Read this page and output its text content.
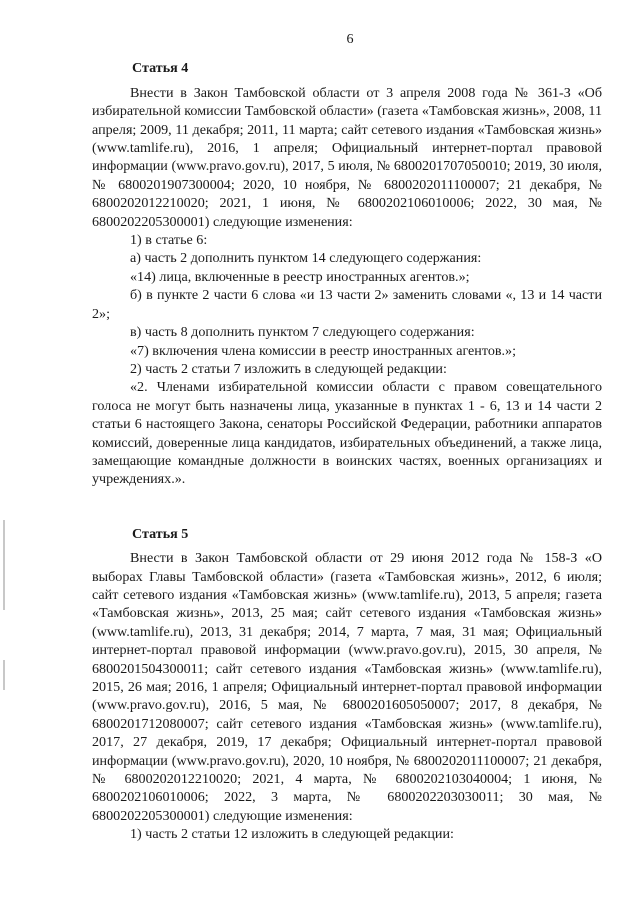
6
Статья 4

Внести в Закон Тамбовской области от 3 апреля 2008 года № 361-З «Об избирательной комиссии Тамбовской области» (газета «Тамбовская жизнь», 2008, 11 апреля; 2009, 11 декабря; 2011, 11 марта; сайт сетевого издания «Тамбовская жизнь» (www.tamlife.ru), 2016, 1 апреля; Официальный интернет-портал правовой информации (www.pravo.gov.ru), 2017, 5 июля, № 6800201707050010; 2019, 30 июля, № 6800201907300004; 2020, 10 ноября, № 6800202011100007; 21 декабря, № 6800202012210020; 2021, 1 июня, № 6800202106010006; 2022, 30 мая, № 6800202205300001) следующие изменения:

1) в статье 6:

а) часть 2 дополнить пунктом 14 следующего содержания:

«14) лица, включенные в реестр иностранных агентов.»;

б) в пункте 2 части 6 слова «и 13 части 2» заменить словами «, 13 и 14 части 2»;

в) часть 8 дополнить пунктом 7 следующего содержания:

«7) включения члена комиссии в реестр иностранных агентов.»;

2) часть 2 статьи 7 изложить в следующей редакции:

«2. Членами избирательной комиссии области с правом совещательного голоса не могут быть назначены лица, указанные в пунктах 1 - 6, 13 и 14 части 2 статьи 6 настоящего Закона, сенаторы Российской Федерации, работники аппаратов комиссий, доверенные лица кандидатов, избирательных объединений, а также лица, замещающие командные должности в воинских частях, военных организациях и учреждениях.».

Статья 5

Внести в Закон Тамбовской области от 29 июня 2012 года № 158-З «О выборах Главы Тамбовской области» (газета «Тамбовская жизнь», 2012, 6 июля; сайт сетевого издания «Тамбовская жизнь» (www.tamlife.ru), 2013, 5 апреля; газета «Тамбовская жизнь», 2013, 25 мая; сайт сетевого издания «Тамбовская жизнь» (www.tamlife.ru), 2013, 31 декабря; 2014, 7 марта, 7 мая, 31 мая; Официальный интернет-портал правовой информации (www.pravo.gov.ru), 2015, 30 апреля, № 6800201504300011; сайт сетевого издания «Тамбовская жизнь» (www.tamlife.ru), 2015, 26 мая; 2016, 1 апреля; Официальный интернет-портал правовой информации (www.pravo.gov.ru), 2016, 5 мая, № 6800201605050007; 2017, 8 декабря, № 6800201712080007; сайт сетевого издания «Тамбовская жизнь» (www.tamlife.ru), 2017, 27 декабря, 2019, 17 декабря; Официальный интернет-портал правовой информации (www.pravo.gov.ru), 2020, 10 ноября, № 6800202011100007; 21 декабря, № 6800202012210020; 2021, 4 марта, № 6800202103040004; 1 июня, № 6800202106010006; 2022, 3 марта, № 6800202203030011; 30 мая, № 6800202205300001) следующие изменения:

1) часть 2 статьи 12 изложить в следующей редакции:
